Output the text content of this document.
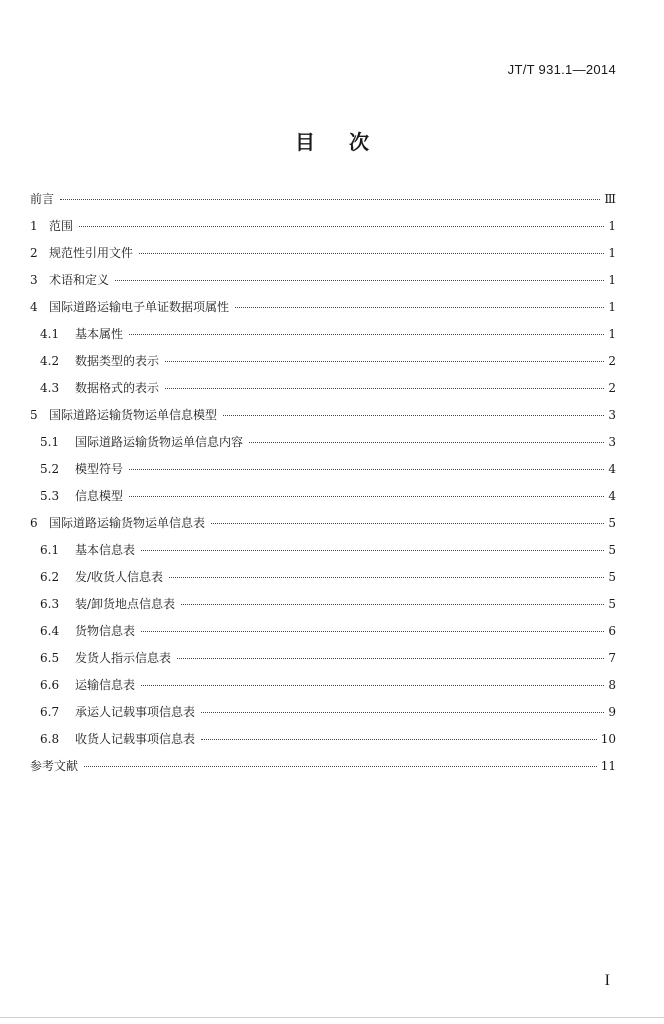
JT/T 931.1—2014
目次
前言	Ⅲ
1 范围	1
2 规范性引用文件	1
3 术语和定义	1
4 国际道路运输电子单证数据项属性	1
4.1	基本属性	1
4.2	数据类型的表示	2
4.3	数据格式的表示	2
5 国际道路运输货物运单信息模型	3
5.1	国际道路运输货物运单信息内容	3
5.2	模型符号	4
5.3	信息模型	4
6 国际道路运输货物运单信息表	5
6.1	基本信息表	5
6.2	发/收货人信息表	5
6.3	装/卸货地点信息表	5
6.4	货物信息表	6
6.5	发货人指示信息表	7
6.6	运输信息表	8
6.7	承运人记载事项信息表	9
6.8	收货人记载事项信息表	10
参考文献	11
I
